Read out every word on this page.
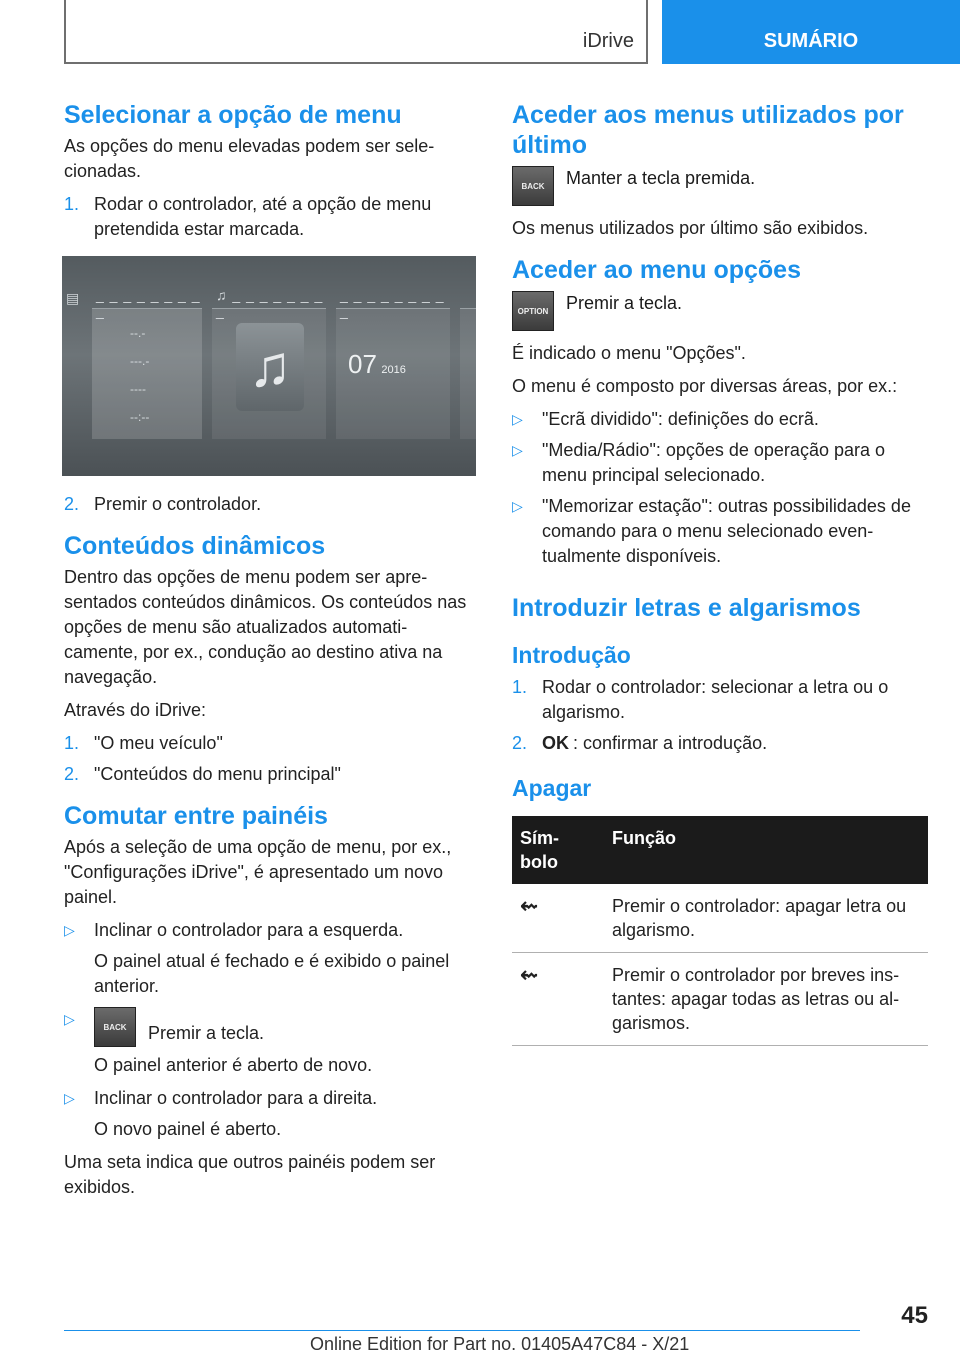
iDrive	SUMÁRIO
Selecionar a opção de menu

As opções do menu elevadas podem ser sele-cionadas.

1. Rodar o controlador, até a opção de menu pretendida estar marcada.
▤	_ _ _ _ _ _ _ _ _
--.-
---.-
----
--:--
♫ _ _ _ _ _ _ _ _
♫
_ _ _ _ _ _ _ _ _
07 2016
2. Premir o controlador.
Conteúdos dinâmicos

Dentro das opções de menu podem ser apre-sentados conteúdos dinâmicos. Os conteúdos nas opções de menu são atualizados automati-camente, por ex., condução ao destino ativa na navegação.

Através do iDrive:

1. "O meu veículo"
2. "Conteúdos do menu principal"
Comutar entre painéis

Após a seleção de uma opção de menu, por ex., "Configurações iDrive", é apresentado um novo painel.

▷	Inclinar o controlador para a esquerda.

O painel atual é fechado e é exibido o painel anterior.

▷	BACK	Premir a tecla.

O painel anterior é aberto de novo.

▷	Inclinar o controlador para a direita.

O novo painel é aberto.

Uma seta indica que outros painéis podem ser exibidos.

Aceder aos menus utilizados por último
BACK	Manter a tecla premida.

Os menus utilizados por último são exibidos.

Aceder ao menu opções
OPTION Premir a tecla.

É indicado o menu "Opções".

O menu é composto por diversas áreas, por ex.:

▷	"Ecrã dividido": definições do ecrã.
▷	"Media/Rádio": opções de operação para o menu principal selecionado.
▷	"Memorizar estação": outras possibilidades de comando para o menu selecionado even-tualmente disponíveis.
Introduzir letras e algarismos
Introdução
1. Rodar o controlador: selecionar a letra ou o algarismo.
2. OK : confirmar a introdução.
Apagar
Sím-bolo	Função
⇜	Premir o controlador: apagar letra ou algarismo.
⇜	Premir o controlador por breves ins-tantes: apagar todas as letras ou al-garismos.
45
Online Edition for Part no. 01405A47C84 - X/21
